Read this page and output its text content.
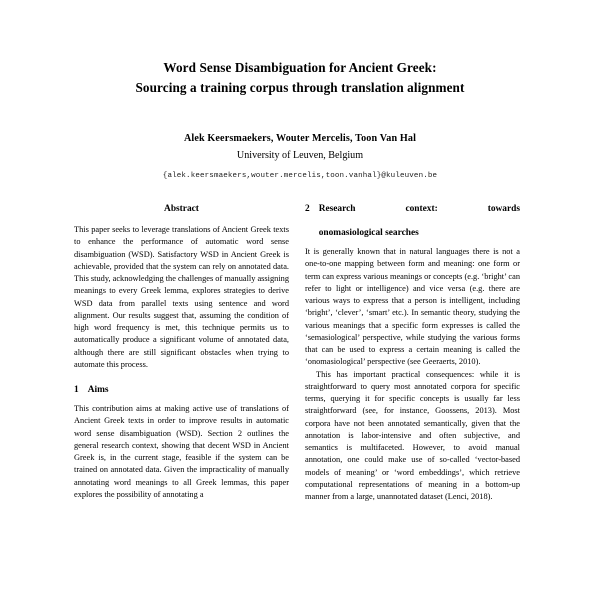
Word Sense Disambiguation for Ancient Greek:
Sourcing a training corpus through translation alignment
Alek Keersmaekers, Wouter Mercelis, Toon Van Hal
University of Leuven, Belgium
{alek.keersmaekers,wouter.mercelis,toon.vanhal}@kuleuven.be
Abstract

This paper seeks to leverage translations of Ancient Greek texts to enhance the performance of automatic word sense disambiguation (WSD). Satisfactory WSD in Ancient Greek is achievable, provided that the system can rely on annotated data. This study, acknowledging the challenges of manually assigning meanings to every Greek lemma, explores strategies to derive WSD data from parallel texts using sentence and word alignment. Our results suggest that, assuming the condition of high word frequency is met, this technique permits us to automatically produce a significant volume of annotated data, although there are still significant obstacles when trying to automate this process.

1 Aims

This contribution aims at making active use of translations of Ancient Greek texts in order to improve results in automatic word sense disambiguation (WSD). Section 2 outlines the general research context, showing that decent WSD in Ancient Greek is, in the current stage, feasible if the system can be trained on annotated data. Given the impracticality of manually annotating word meanings to all Greek lemmas, this paper explores the possibility of annotating a

2 Research context: towards
onomasiological searches

It is generally known that in natural languages there is not a one-to-one mapping between form and meaning: one form or term can express various meanings or concepts (e.g. ‘bright’ can refer to light or intelligence) and vice versa (e.g. there are various ways to express that a person is intelligent, including ‘bright’, ‘clever’, ‘smart’ etc.). In semantic theory, studying the various meanings that a specific form expresses is called the ‘semasiological’ perspective, while studying the various forms that can be used to express a certain meaning is called the ‘onomasiological’ perspective (see Geeraerts, 2010).

This has important practical consequences: while it is straightforward to query most annotated corpora for specific terms, querying it for specific concepts is usually far less straightforward (see, for instance, Goossens, 2013). Most corpora have not been annotated semantically, given that the annotation is labor-intensive and often subjective, and semantics is multifaceted. However, to avoid manual annotation, one could make use of so-called ‘vector-based models of meaning’ or ‘word embeddings’, which retrieve computational representations of meaning in a bottom-up manner from a large, unannotated dataset (Lenci, 2018).
